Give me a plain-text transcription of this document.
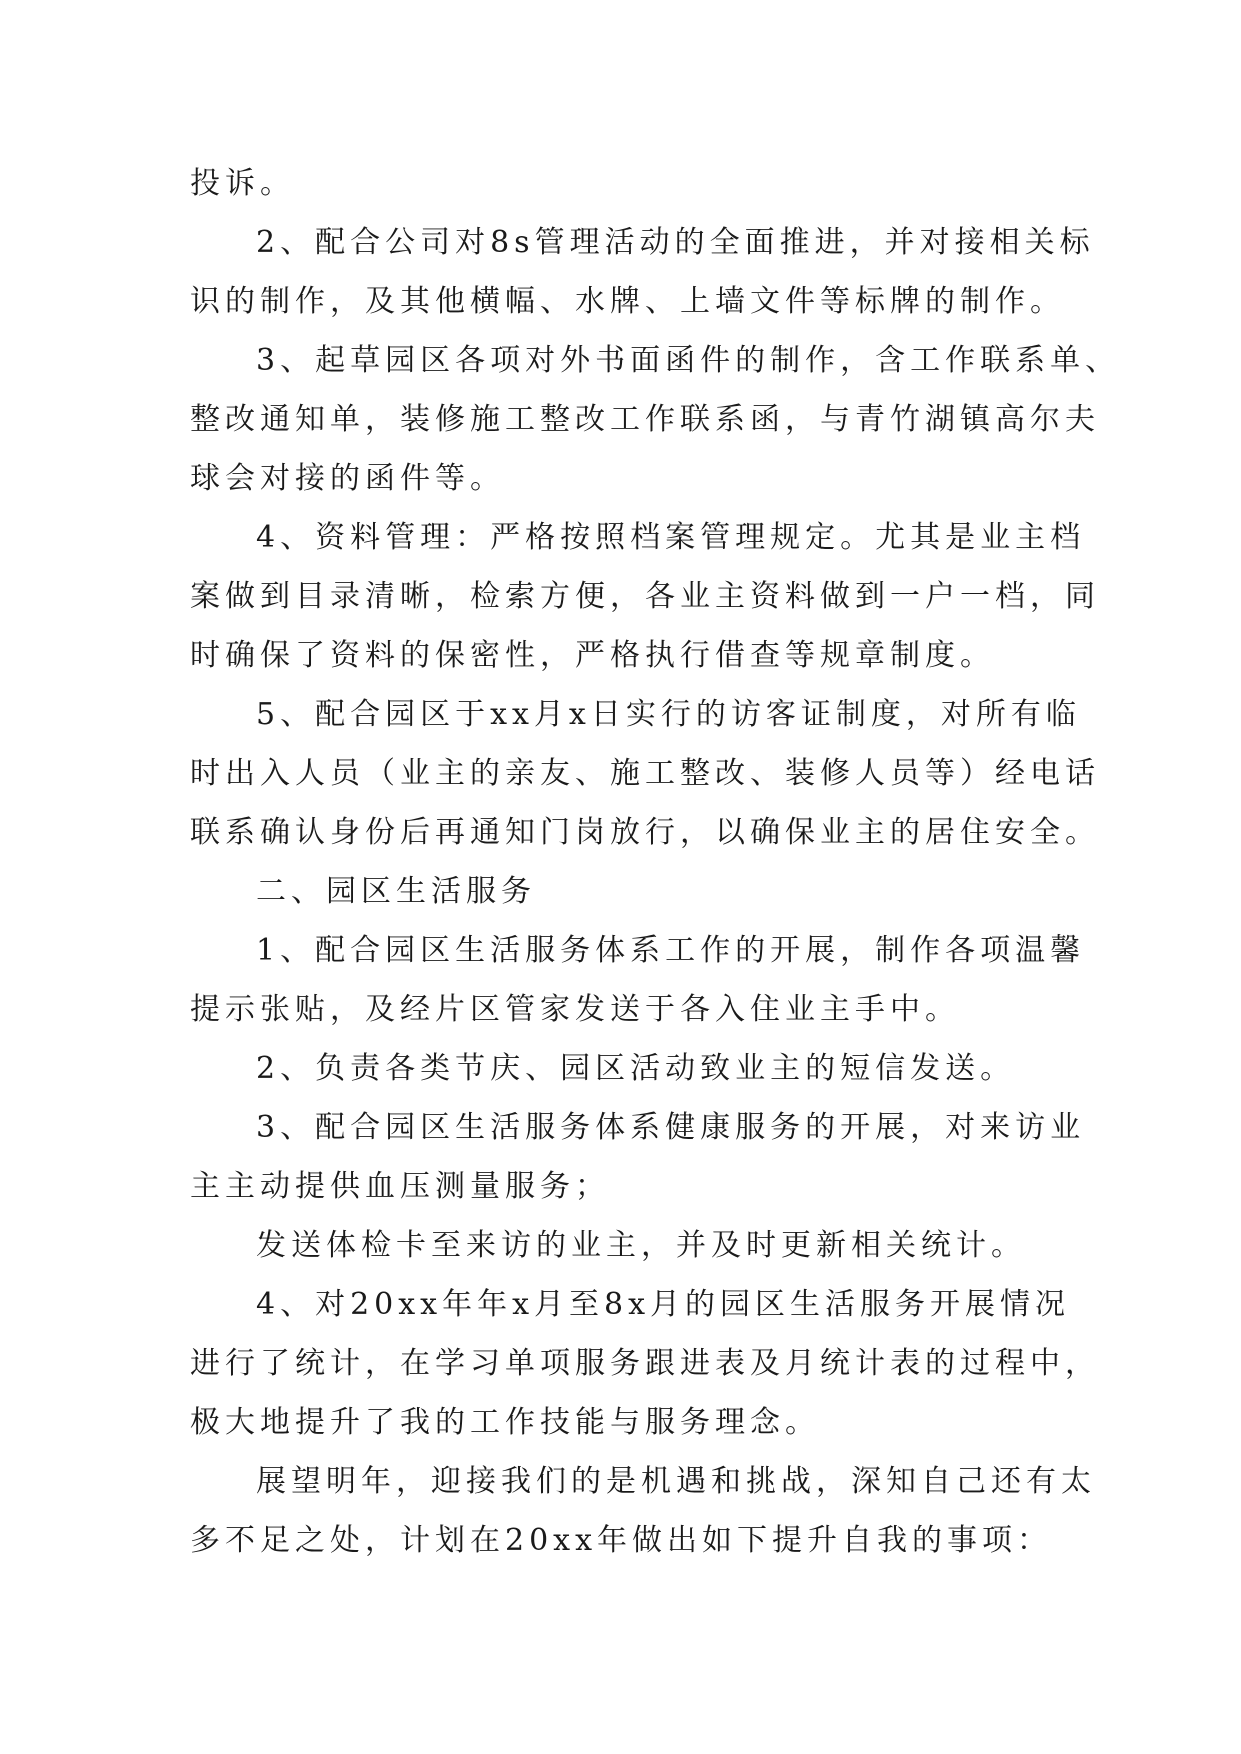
投诉。
2、配合公司对8s管理活动的全面推进，并对接相关标
识的制作，及其他横幅、水牌、上墙文件等标牌的制作。
3、起草园区各项对外书面函件的制作，含工作联系单、
整改通知单，装修施工整改工作联系函，与青竹湖镇高尔夫
球会对接的函件等。
4、资料管理：严格按照档案管理规定。尤其是业主档
案做到目录清晰，检索方便，各业主资料做到一户一档，同
时确保了资料的保密性，严格执行借查等规章制度。
5、配合园区于xx月x日实行的访客证制度，对所有临
时出入人员（业主的亲友、施工整改、装修人员等）经电话
联系确认身份后再通知门岗放行，以确保业主的居住安全。
二、园区生活服务
1、配合园区生活服务体系工作的开展，制作各项温馨
提示张贴，及经片区管家发送于各入住业主手中。
2、负责各类节庆、园区活动致业主的短信发送。
3、配合园区生活服务体系健康服务的开展，对来访业
主主动提供血压测量服务；
发送体检卡至来访的业主，并及时更新相关统计。
4、对20xx年年x月至8x月的园区生活服务开展情况
进行了统计，在学习单项服务跟进表及月统计表的过程中，
极大地提升了我的工作技能与服务理念。
展望明年，迎接我们的是机遇和挑战，深知自己还有太
多不足之处，计划在20xx年做出如下提升自我的事项：
